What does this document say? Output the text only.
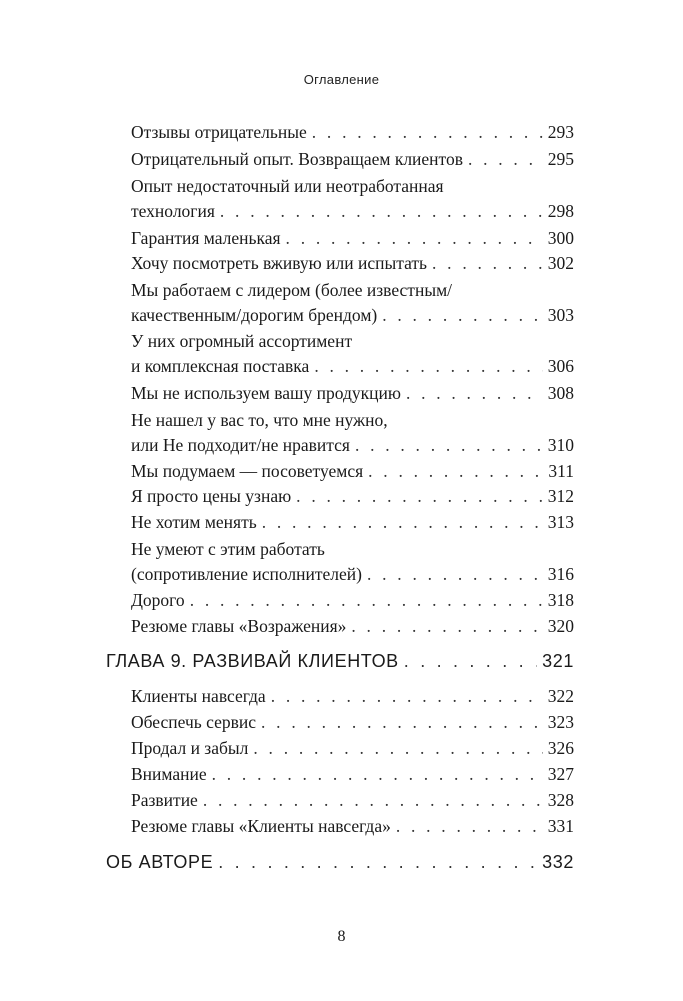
Оглавление
Отзывы отрицательные . . .	293
Отрицательный опыт. Возвращаем клиентов . . .	295
Опыт недостаточный или неотработанная
технология . . .	298
Гарантия маленькая . . .	300
Хочу посмотреть вживую или испытать . . .	302
Мы работаем с лидером (более известным/
качественным/дорогим брендом) . . .	303
У них огромный ассортимент
и комплексная поставка . . .	306
Мы не используем вашу продукцию . . .	308
Не нашел у вас то, что мне нужно,
или Не подходит/не нравится . . .	310
Мы подумаем — посоветуемся . . .	311
Я просто цены узнаю . . .	312
Не хотим менять . . .	313
Не умеют с этим работать
(сопротивление исполнителей) . . .	316
Дорого . . .	318
Резюме главы «Возражения» . . .	320
ГЛАВА 9. РАЗВИВАЙ КЛИЕНТОВ . . .	321
Клиенты навсегда . . .	322
Обеспечь сервис . . .	323
Продал и забыл . . .	326
Внимание . . .	327
Развитие . . .	328
Резюме главы «Клиенты навсегда» . . .	331
ОБ АВТОРЕ . . .	332
8
